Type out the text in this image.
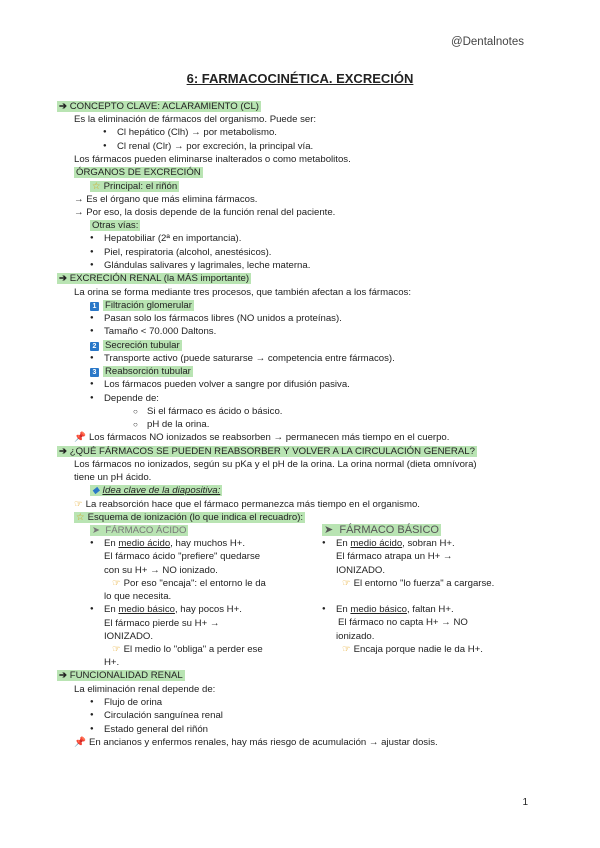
@Dentalnotes
6: FARMACOCINÉTICA. EXCRECIÓN
➔ CONCEPTO CLAVE: ACLARAMIENTO (CL)
Es la eliminación de fármacos del organismo. Puede ser:
● Cl hepático (Clh) → por metabolismo.
● Cl renal (Clr) → por excreción, la principal vía.
Los fármacos pueden eliminarse inalterados o como metabolitos.
ÓRGANOS DE EXCRECIÓN
☆ Principal: el riñón
→ Es el órgano que más elimina fármacos.
→ Por eso, la dosis depende de la función renal del paciente.
Otras vías:
● Hepatobiliar (2ª en importancia).
● Piel, respiratoria (alcohol, anestésicos).
● Glándulas salivares y lagrimales, leche materna.
➔ EXCRECIÓN RENAL (la MÁS importante)
La orina se forma mediante tres procesos, que también afectan a los fármacos:
1 Filtración glomerular
● Pasan solo los fármacos libres (NO unidos a proteínas).
● Tamaño < 70.000 Daltons.
2 Secreción tubular
● Transporte activo (puede saturarse → competencia entre fármacos).
3 Reabsorción tubular
● Los fármacos pueden volver a sangre por difusión pasiva.
● Depende de:
○ Si el fármaco es ácido o básico.
○ pH de la orina.
📌 Los fármacos NO ionizados se reabsorben → permanecen más tiempo en el cuerpo.
➔ ¿QUÉ FÁRMACOS SE PUEDEN REABSORBER Y VOLVER A LA CIRCULACIÓN GENERAL?
Los fármacos no ionizados, según su pKa y el pH de la orina. La orina normal (dieta omnívora)
tiene un pH ácido.
◆ Idea clave de la diapositiva:
☞ La reabsorción hace que el fármaco permanezca más tiempo en el organismo.
☆ Esquema de ionización (lo que indica el recuadro):
➤ FÁRMACO ÁCIDO
● En medio ácido, hay muchos H+.
El fármaco ácido "prefiere" quedarse
con su H+ → NO ionizado.
☞ Por eso "encaja": el entorno le da
lo que necesita.
● En medio básico, hay pocos H+.
El fármaco pierde su H+ →
IONIZADO.
☞ El medio lo "obliga" a perder ese
H+.
➤ FÁRMACO BÁSICO
● En medio ácido, sobran H+.
El fármaco atrapa un H+ →
IONIZADO.
☞ El entorno "lo fuerza" a cargarse.
● En medio básico, faltan H+.
El fármaco no capta H+ → NO
ionizado.
☞ Encaja porque nadie le da H+.
➔ FUNCIONALIDAD RENAL
La eliminación renal depende de:
● Flujo de orina
● Circulación sanguínea renal
● Estado general del riñón
📌 En ancianos y enfermos renales, hay más riesgo de acumulación → ajustar dosis.
1
